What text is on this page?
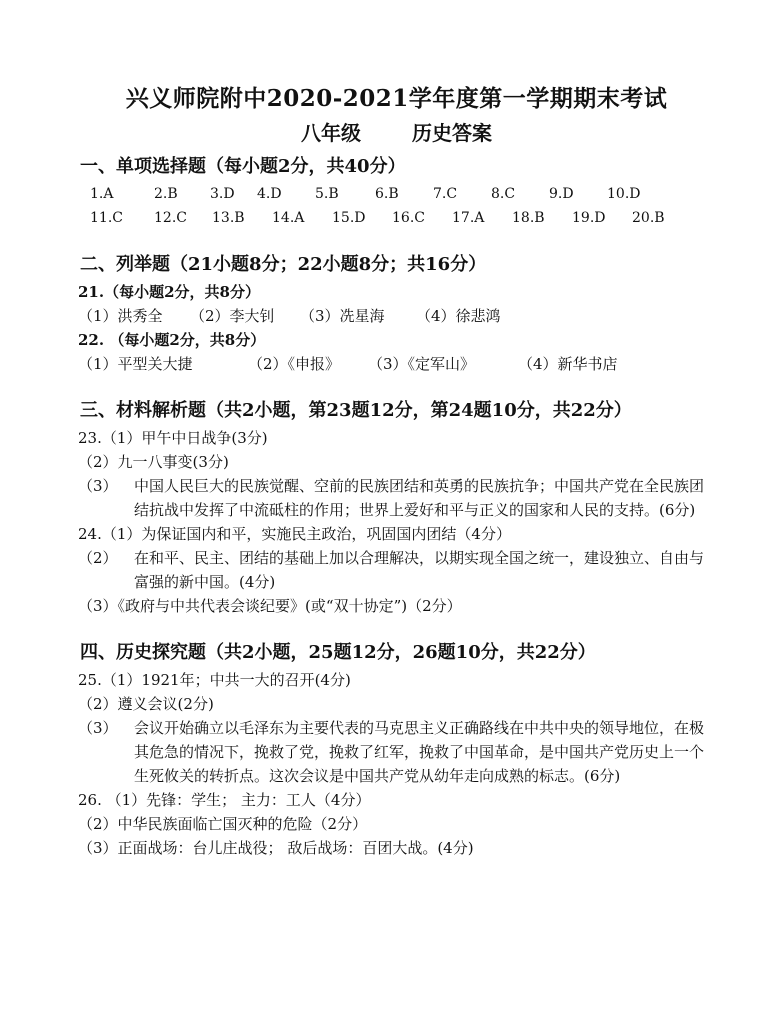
兴义师院附中2020-2021学年度第一学期期末考试
八年级	历史答案
一、单项选择题（每小题2分，共40分）
1.A	2.B	3.D	4.D	5.B	6.B	7.C	8.C	9.D	10.D
11.C	12.C	13.B	14.A	15.D	16.C	17.A	18.B	19.D	20.B
二、列举题（21小题8分；22小题8分；共16分）
21.（每小题2分，共8分）
（1）洪秀全	（2）李大钊	（3）冼星海	（4）徐悲鸿
22. （每小题2分，共8分）
（1）平型关大捷	（2）《申报》	（3）《定军山》	（4）新华书店
三、材料解析题（共2小题，第23题12分，第24题10分，共22分）
23.（1）甲午中日战争(3分)
（2）九一八事变(3分)
（3）	中国人民巨大的民族觉醒、空前的民族团结和英勇的民族抗争；中国共产党在全民族团结抗战中发挥了中流砥柱的作用；世界上爱好和平与正义的国家和人民的支持。(6分)
24.（1）为保证国内和平，实施民主政治，巩固国内团结（4分）
（2）	在和平、民主、团结的基础上加以合理解决，以期实现全国之统一，建设独立、自由与富强的新中国。(4分)
（3）《政府与中共代表会谈纪要》(或“双十协定”)（2分）
四、历史探究题（共2小题，25题12分，26题10分，共22分）
25.（1）1921年；中共一大的召开(4分)
（2）遵义会议(2分)
（3）	会议开始确立以毛泽东为主要代表的马克思主义正确路线在中共中央的领导地位，在极其危急的情况下，挽救了党，挽救了红军，挽救了中国革命，是中国共产党历史上一个生死攸关的转折点。这次会议是中国共产党从幼年走向成熟的标志。(6分)
26. （1）先锋：学生； 主力：工人（4分）
（2）中华民族面临亡国灭种的危险（2分）
（3）正面战场：台儿庄战役； 敌后战场：百团大战。(4分)
